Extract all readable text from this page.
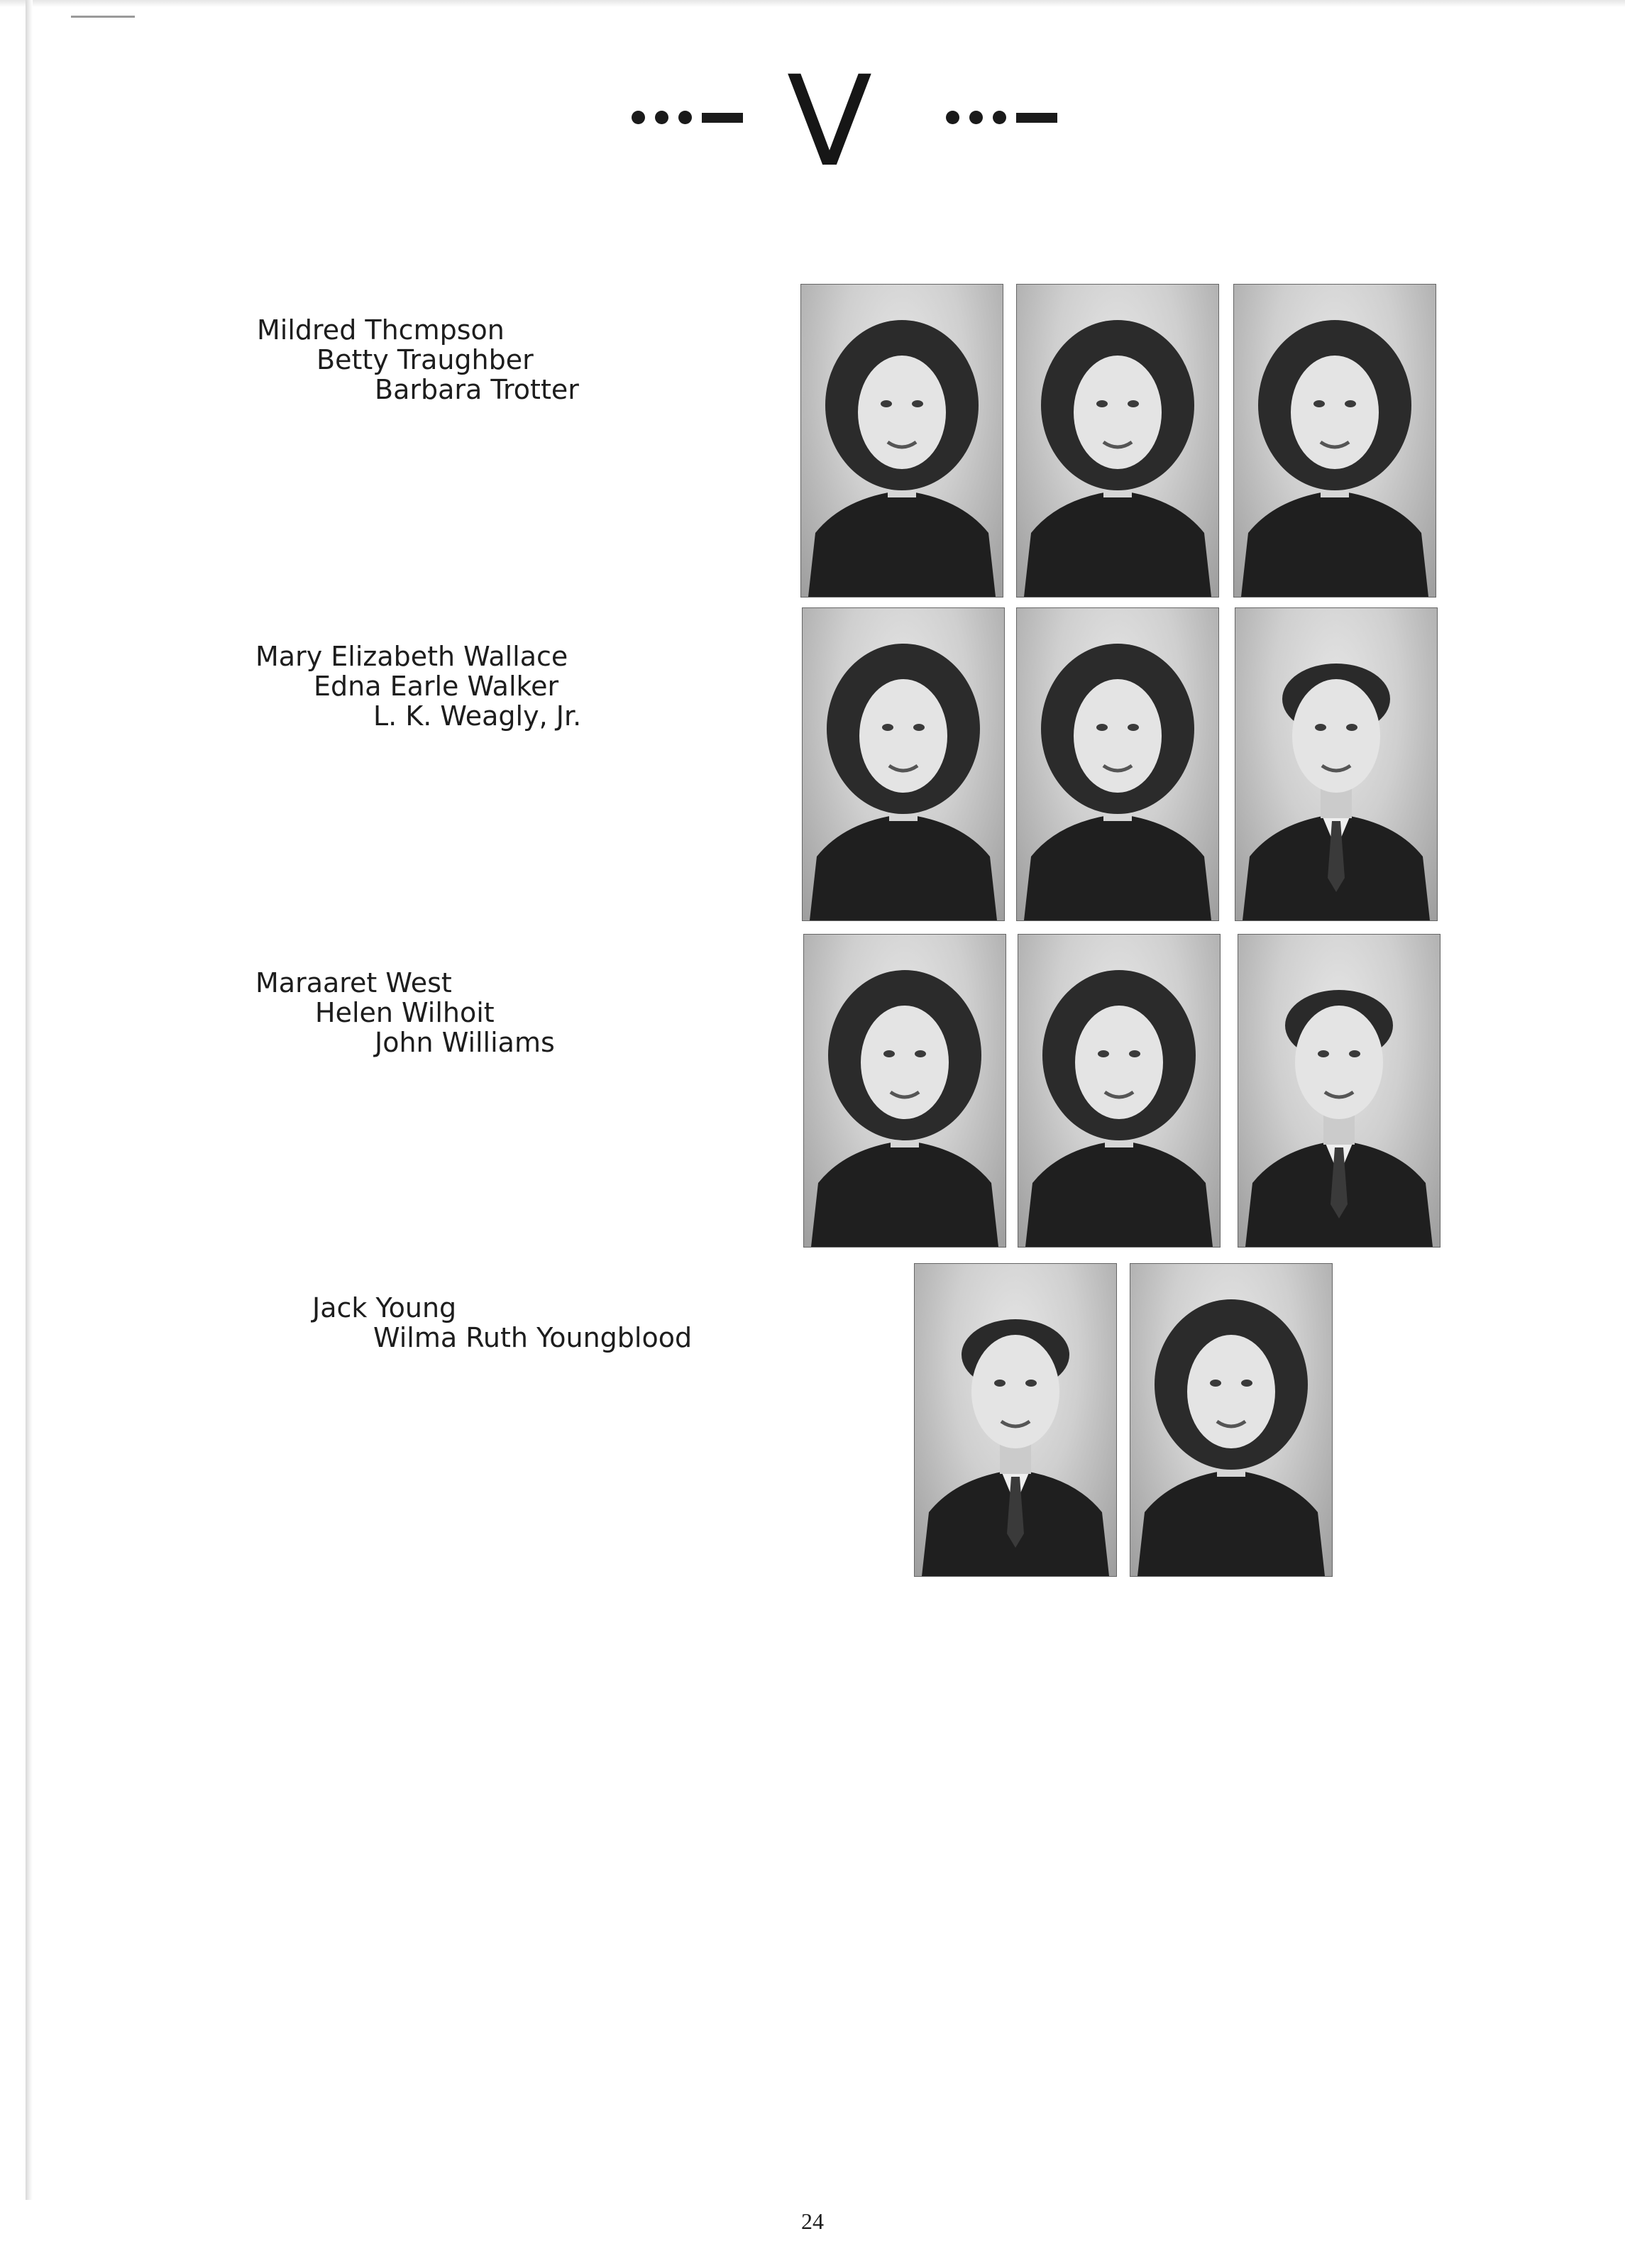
V
Mildred Thcmpson
Betty Traughber
Barbara Trotter
Mary Elizabeth Wallace
Edna Earle Walker
L. K. Weagly, Jr.
Maraaret West
Helen Wilhoit
John Williams
Jack Young
Wilma Ruth Youngblood
24
